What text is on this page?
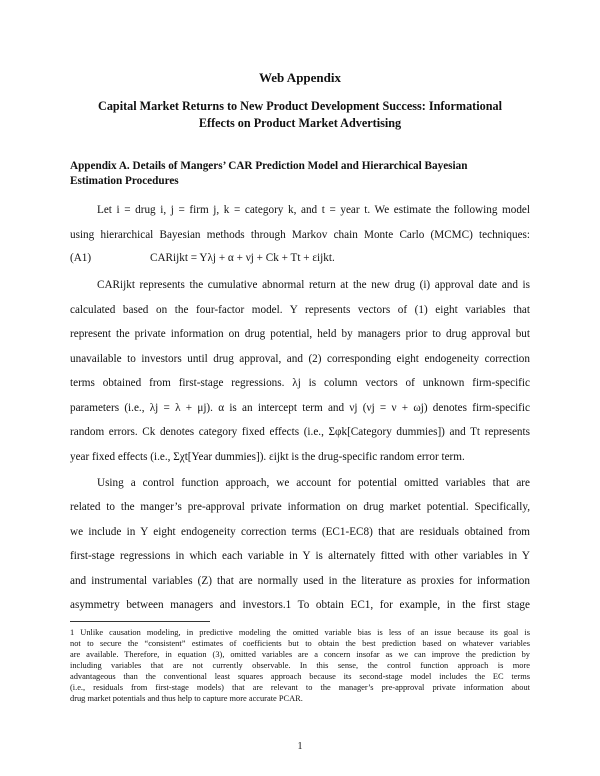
Web Appendix
Capital Market Returns to New Product Development Success: Informational
Effects on Product Market Advertising
Appendix A. Details of Mangers’ CAR Prediction Model and Hierarchical Bayesian
Estimation Procedures
Let i = drug i, j = firm j, k = category k, and t = year t. We estimate the following model
using hierarchical Bayesian methods through Markov chain Monte Carlo (MCMC) techniques:
(A1)	CARijkt = Yλj + α + νj + Ck + Tt + εijkt.
CARijkt represents the cumulative abnormal return at the new drug (i) approval date and is
calculated based on the four-factor model. Y represents vectors of (1) eight variables that
represent the private information on drug potential, held by managers prior to drug approval but
unavailable to investors until drug approval, and (2) corresponding eight endogeneity correction
terms obtained from first-stage regressions. λj is column vectors of unknown firm-specific
parameters (i.e., λj = λ + μj). α is an intercept term and νj (νj = ν + ωj) denotes firm-specific
random errors. Ck denotes category fixed effects (i.e., Σφk[Category dummies]) and Tt represents
year fixed effects (i.e., Σχt[Year dummies]). εijkt is the drug-specific random error term.
Using a control function approach, we account for potential omitted variables that are
related to the manger’s pre-approval private information on drug market potential. Specifically,
we include in Y eight endogeneity correction terms (EC1-EC8) that are residuals obtained from
first-stage regressions in which each variable in Y is alternately fitted with other variables in Y
and instrumental variables (Z) that are normally used in the literature as proxies for information
asymmetry between managers and investors.1 To obtain EC1, for example, in the first stage
1 Unlike causation modeling, in predictive modeling the omitted variable bias is less of an issue because its goal is
not to secure the “consistent” estimates of coefficients but to obtain the best prediction based on whatever variables
are available. Therefore, in equation (3), omitted variables are a concern insofar as we can improve the prediction by
including variables that are not currently observable. In this sense, the control function approach is more
advantageous than the conventional least squares approach because its second-stage model includes the EC terms
(i.e., residuals from first-stage models) that are relevant to the manager’s pre-approval private information about
drug market potentials and thus help to capture more accurate PCAR.
1
